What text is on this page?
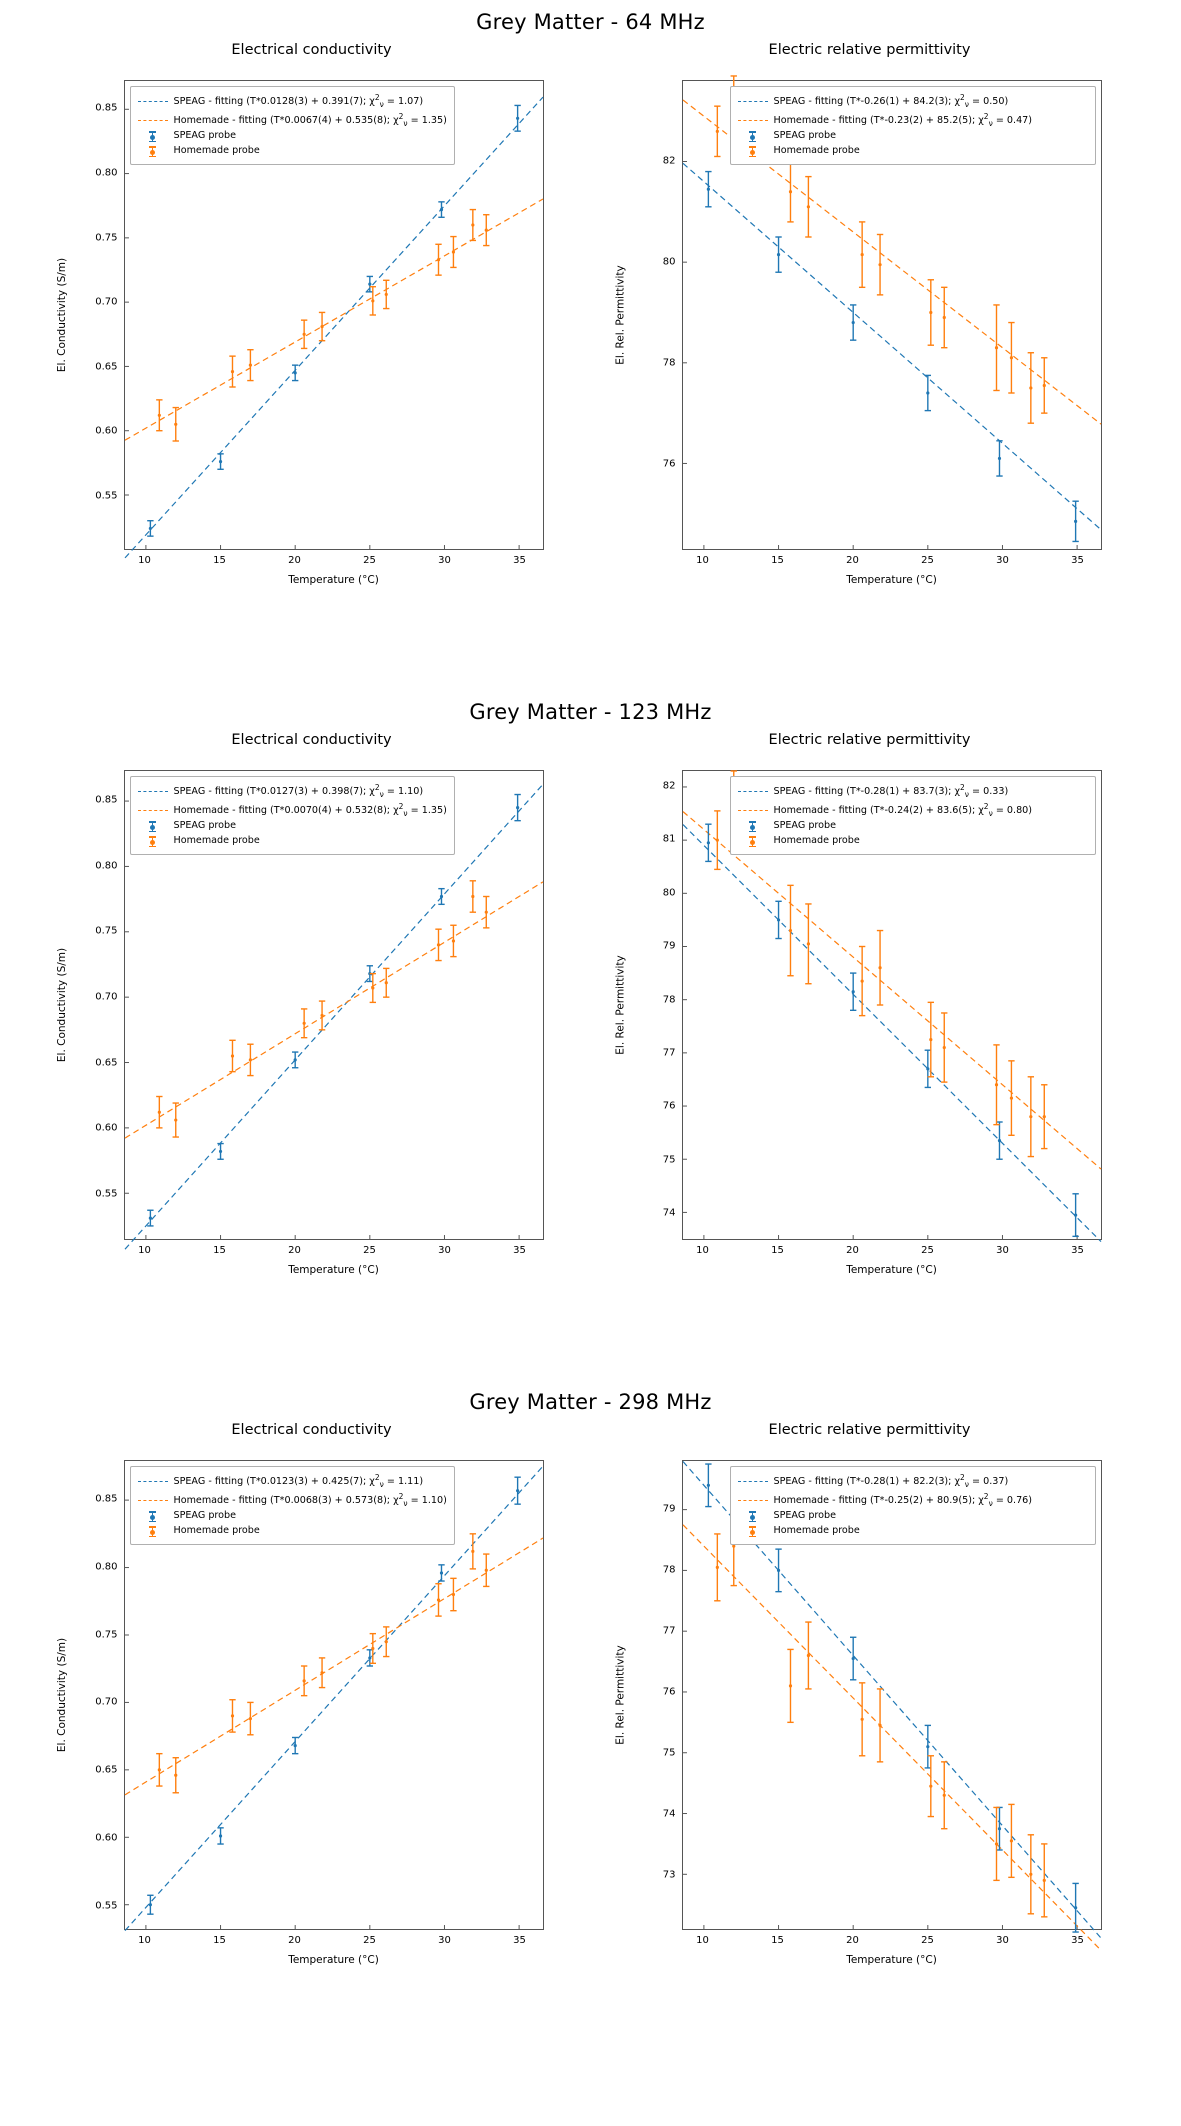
Grey Matter - 64 MHz
Electrical conductivity
El. Conductivity (S/m)
Temperature (°C)
10	15	20	25	30	35
0.55
0.60
0.65
0.70
0.75
0.80
0.85
SPEAG - fitting (T*0.0128(3) + 0.391(7); $\chi^2_\nu = 1.07$)
Homemade - fitting (T*0.0067(4) + 0.535(8); $\chi^2_\nu = 1.35$)
SPEAG probe
Homemade probe
Electric relative permittivity
El. Rel. Permittivity
Temperature (°C)
10	15	20	25	30	35
76
78
80
82
SPEAG - fitting (T*-0.26(1) + 84.2(3); $\chi^2_\nu = 0.50$)
Homemade - fitting (T*-0.23(2) + 85.2(5); $\chi^2_\nu = 0.47$)
SPEAG probe
Homemade probe
Grey Matter - 123 MHz
Electrical conductivity
El. Conductivity (S/m)
Temperature (°C)
10	15	20	25	30	35
0.55
0.60
0.65
0.70
0.75
0.80
0.85
SPEAG - fitting (T*0.0127(3) + 0.398(7); $\chi^2_\nu = 1.10$)
Homemade - fitting (T*0.0070(4) + 0.532(8); $\chi^2_\nu = 1.35$)
SPEAG probe
Homemade probe
Electric relative permittivity
El. Rel. Permittivity
Temperature (°C)
10	15	20	25	30	35
74
75
76
77
78
79
80
81
82
SPEAG - fitting (T*-0.28(1) + 83.7(3); $\chi^2_\nu = 0.33$)
Homemade - fitting (T*-0.24(2) + 83.6(5); $\chi^2_\nu = 0.80$)
SPEAG probe
Homemade probe
Grey Matter - 298 MHz
Electrical conductivity
El. Conductivity (S/m)
Temperature (°C)
10	15	20	25	30	35
0.55
0.60
0.65
0.70
0.75
0.80
0.85
SPEAG - fitting (T*0.0123(3) + 0.425(7); $\chi^2_\nu = 1.11$)
Homemade - fitting (T*0.0068(3) + 0.573(8); $\chi^2_\nu = 1.10$)
SPEAG probe
Homemade probe
Electric relative permittivity
El. Rel. Permittivity
Temperature (°C)
10	15	20	25	30	35
73
74
75
76
77
78
79
SPEAG - fitting (T*-0.28(1) + 82.2(3); $\chi^2_\nu = 0.37$)
Homemade - fitting (T*-0.25(2) + 80.9(5); $\chi^2_\nu = 0.76$)
SPEAG probe
Homemade probe
